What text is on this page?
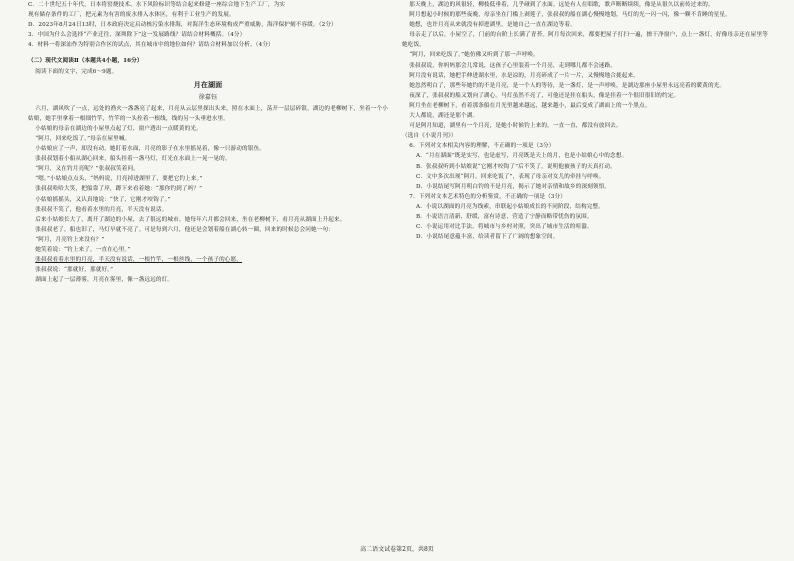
C．二十世纪五十年代，日本将窑烧技术、水下风险标识等结合起来修建一座综合地下生产工厂，为实

现有储存条件的工厂，把元素为有害的废水排入水体区，有利于工业生产的发展。

D．2023年8月24日13时，日本政府决定启动核污染水排海，对海洋生态环境构成严重威胁，海洋保护刻不容缓。（2分）

3．中国为什么会选择“产业迁往，深圳除下”这一发展路线？请结合材料概括。（4分）

4．材料一将深汕作为特别合作区的试点，其在城市中的地位如何？请结合材料加以分析。（4分）

（二）现代文阅读Ⅱ（本题共4小题，16分）

阅读下面的文字，完成6～9题。

月在湖面
徐嘉钰

六月，湖风吹了一点，远处的渔火一盏盏亮了起来，月亮从云层里探出头来，照在水面上，荡开一层层碎银。湖边的老柳树下，坐着一个小姑娘，她手里拿着一根细竹竿，竹竿的一头拴着一根线，线的另一头垂进水里。

小姑娘的母亲在湖边的小屋里点起了灯，窗户透出一点暖黄的光。

“阿月，回来吃饭了。”母亲在屋里喊。

小姑娘应了一声，却没有动。她盯着水面，月亮的影子在水里摇晃着，像一只游动的银鱼。

张叔叔划着小船从湖心回来，船头挂着一盏马灯，灯光在水面上一晃一晃的。

“阿月，又在钓月亮呢？”张叔叔笑着问。

“嗯。”小姑娘点点头，“妈妈说，月亮掉进湖里了，要把它钓上来。”

张叔叔哈哈大笑，把船靠了岸，蹲下来看着她：“那你钓到了吗？”

小姑娘摇摇头，又认真地说：“快了，它刚才咬钩了。”

张叔叔不笑了，他看着水里的月亮，半天没有说话。

后来小姑娘长大了，离开了湖边的小屋，去了很远的城市。她每年六月都会回来，坐在老柳树下，看月亮从湖面上升起来。

张叔叔老了，船也旧了，马灯早就不亮了。可是每到六月，他还是会划着船在湖心转一圈，回来的时候总会问她一句：

“阿月，月亮钓上来没有？”

她笑着说：“钓上来了，一直在心里。”

张叔叔看着水里的月亮，半天没有说话，一根竹竿，一根丝线，一个孩子的心愿。

张叔叔说：“那就好，那就好。”

湖面上起了一层薄雾，月亮在雾里，像一盏远远的灯。

那天晚上，湖边的风很轻，柳枝低垂着，几乎碰到了水面。远处有人在唱歌，歌声断断续续，像是从很久以前传过来的。

阿月想起小时候的那些夜晚，母亲坐在门槛上剥莲子，张叔叔的船在湖心慢慢地划，马灯的光一闪一闪，像一颗不肯睡的星星。

她想，也许月亮从来就没有掉进湖里，是她自己一直在湖边等着。

母亲走了以后，小屋空了，门前的台阶上长满了青苔。阿月每次回来，都要把屋子打扫一遍，擦干净窗户，点上一盏灯，好像母亲还在屋里等她吃饭。

“阿月，回来吃饭了。”她仿佛又听到了那一声呼唤。

张叔叔说，你妈妈那会儿常说，这孩子心里装着一个月亮，走到哪儿都不会迷路。

阿月没有说话，她把手伸进湖水里，水是凉的，月亮碎成了一片一片，又慢慢地合拢起来。

她忽然明白了，那些年她钓的不是月亮，是一个人的等待，是一盏灯，是一声呼唤，是湖边那座小屋里永远亮着的暖黄的光。

夜深了，张叔叔的船又划向了湖心。马灯虽然不亮了，可他还是挂在船头，像是挂着一个很旧很旧的约定。

阿月坐在老柳树下，看着那条船在月光里越来越远，越来越小，最后变成了湖面上的一个黑点。

大人都说，湖还是那个湖。

可是阿月知道，湖里有一个月亮，是她小时候钓上来的，一直一直，都没有放回去。

（选自《小说月刊》）

6．下列对文本相关内容的理解，不正确的一项是（3分）

A．“月在湖面”既是实写，也是虚写，月亮既是天上的月，也是小姑娘心中的念想。

B．张叔叔听到小姑娘说“它刚才咬钩了”后不笑了，说明他被孩子的天真打动。

C．文中多次出现“阿月，回来吃饭了”，表现了母亲对女儿的牵挂与呼唤。

D．小说结尾写阿月明白钓的不是月亮，揭示了她对亲情和故乡的深刻领悟。

7．下列对文本艺术特色的分析鉴赏，不正确的一项是（3分）

A．小说以湖面的月亮为线索，串联起小姑娘成长的不同阶段，结构完整。

B．小说语言清新、舒缓，富有诗意，营造了宁静而略带忧伤的氛围。

C．小说运用对比手法，将城市与乡村对照，突出了城市生活的喧嚣。

D．小说结尾意蕴丰富，给读者留下了广阔的想象空间。

高二语文试卷第2页，共8页
